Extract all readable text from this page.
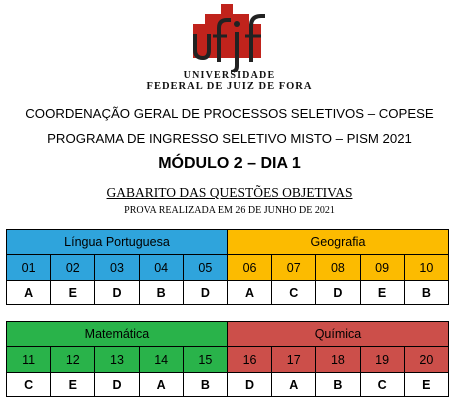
UNIVERSIDADE
FEDERAL DE JUIZ DE FORA
COORDENAÇÃO GERAL DE PROCESSOS SELETIVOS – COPESE
PROGRAMA DE INGRESSO SELETIVO MISTO – PISM 2021
MÓDULO 2 – DIA 1
GABARITO DAS QUESTÕES OBJETIVAS
PROVA REALIZADA EM 26 DE JUNHO DE 2021
Língua Portuguesa					Geografia				
01	02	03	04	05	06	07	08	09	10
A	E	D	B	D	A	C	D	E	B
Matemática					Química				
11	12	13	14	15	16	17	18	19	20
C	E	D	A	B	D	A	B	C	E
